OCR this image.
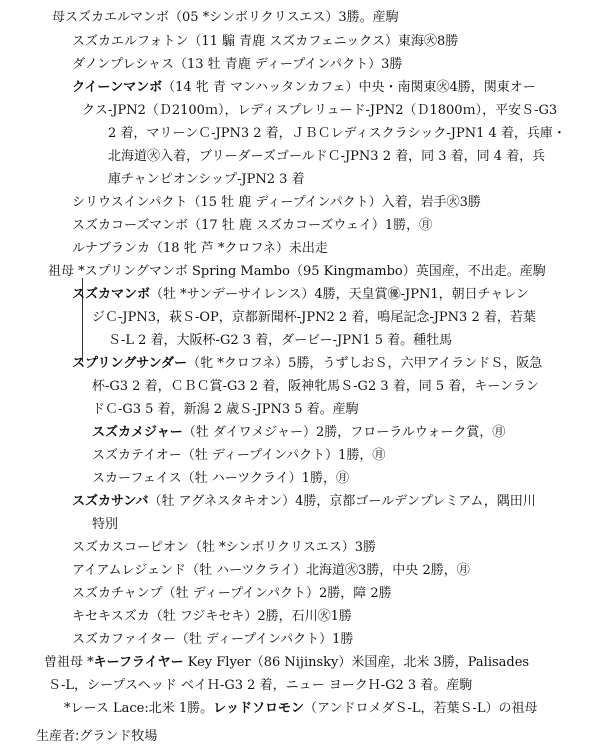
母スズカエルマンボ（05 *シンボリクリスエス）3勝。産駒
スズカエルフォトン（11 騸 青鹿 スズカフェニックス）東海㊋8勝
ダノンプレシャス（13 牡 青鹿 ディープインパクト）3勝
クイーンマンボ（14 牝 青 マンハッタンカフェ）中央・南関東㊋4勝，関東オー
クス-JPN2（Ｄ2100ｍ），レディスプレリュード-JPN2（Ｄ1800ｍ），平安Ｓ-G3
2 着，マリーンＣ-JPN3 2 着，ＪＢＣレディスクラシック-JPN1 4 着，兵庫・
北海道㊋入着，ブリーダーズゴールドＣ-JPN3 2 着，同 3 着，同 4 着，兵
庫チャンピオンシップ-JPN2 3 着
シリウスインパクト（15 牡 鹿 ディープインパクト）入着，岩手㊋3勝
スズカコーズマンボ（17 牡 鹿 スズカコーズウェイ）1勝，㊊
ルナブランカ（18 牝 芦 *クロフネ）未出走
祖母 *スプリングマンボ Spring Mambo（95 Kingmambo）英国産，不出走。産駒
スズカマンボ（牡 *サンデーサイレンス）4勝，天皇賞㊝-JPN1，朝日チャレン
ジＣ-JPN3，萩Ｓ-OP，京都新聞杯-JPN2 2 着，鳴尾記念-JPN3 2 着，若葉
Ｓ-L 2 着，大阪杯-G2 3 着，ダービー-JPN1 5 着。種牡馬
スプリングサンダー（牝 *クロフネ）5勝，うずしおＳ，六甲アイランドＳ，阪急
杯-G3 2 着，ＣＢＣ賞-G3 2 着，阪神牝馬Ｓ-G2 3 着，同 5 着，キーンラン
ドＣ-G3 5 着，新潟 2 歳Ｓ-JPN3 5 着。産駒
スズカメジャー（牡 ダイワメジャー）2勝，フローラルウォーク賞，㊊
スズカテイオー（牡 ディープインパクト）1勝，㊊
スカーフェイス（牡 ハーツクライ）1勝，㊊
スズカサンバ（牡 アグネスタキオン）4勝，京都ゴールデンプレミアム，隅田川
特別
スズカスコーピオン（牡 *シンボリクリスエス）3勝
アイアムレジェンド（牡 ハーツクライ）北海道㊋3勝，中央 2勝，㊊
スズカチャンプ（牡 ディープインパクト）2勝，障 2勝
キセキスズカ（牡 フジキセキ）2勝，石川㊋1勝
スズカファイター（牡 ディープインパクト）1勝
曽祖母 *キーフライヤー Key Flyer（86 Nijinsky）米国産，北米 3勝，Palisades
Ｓ-L，シープスヘッド ベイＨ-G3 2 着，ニュー ヨークＨ-G2 3 着。産駒
*レース Lace:北米 1勝。レッドソロモン（アンドロメダＳ-L，若葉Ｓ-L）の祖母
生産者:グランド牧場
